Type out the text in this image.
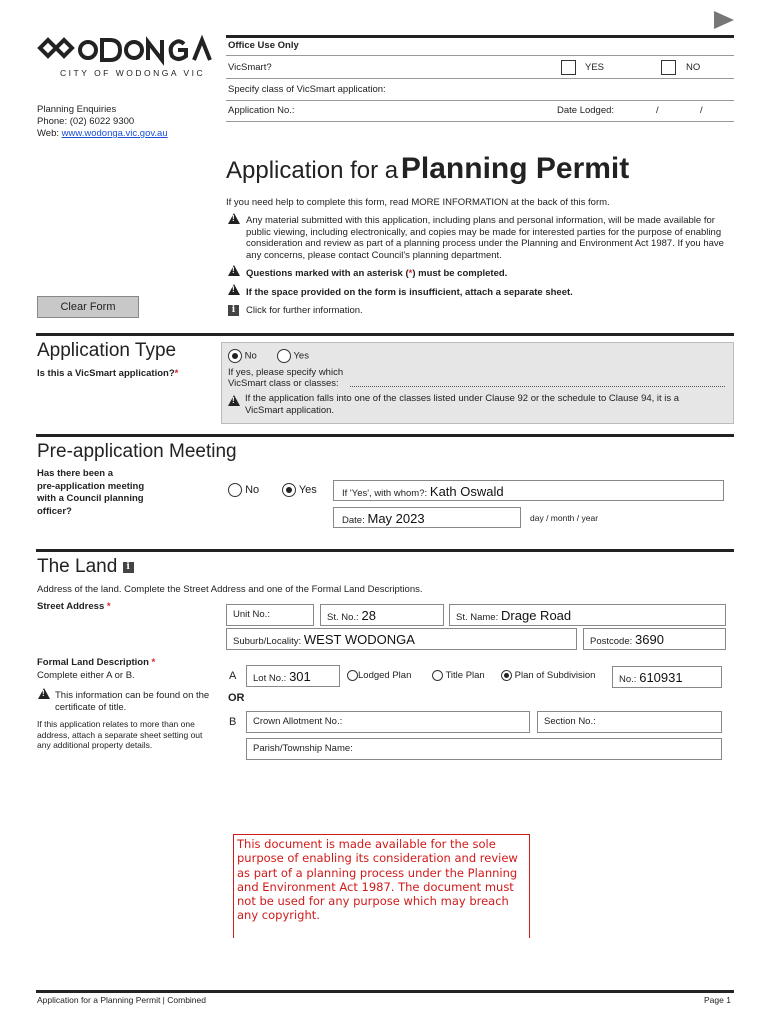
CITY OF WODONGA VIC
Planning Enquiries
Phone: (02) 6022 9300
Web: www.wodonga.vic.gov.au
Office Use Only
VicSmart?	YES	NO
Specify class of VicSmart application:
Application No.:	Date Lodged:	/	/
Application for a Planning Permit
If you need help to complete this form, read MORE INFORMATION at the back of this form.
!
Any material submitted with this application, including plans and personal information, will be made available for public viewing, including electronically, and copies may be made for interested parties for the purpose of enabling consideration and review as part of a planning process under the Planning and Environment Act 1987. If you have any concerns, please contact Council's planning department.
!
Questions marked with an asterisk (*) must be completed.
!
If the space provided on the form is insufficient, attach a separate sheet.
i	Click for further information.
Clear Form
Application Type
Is this a VicSmart application?*
No	Yes
If yes, please specify which
VicSmart class or classes:
!
If the application falls into one of the classes listed under Clause 92 or the schedule to Clause 94, it is a VicSmart application.
Pre-application Meeting
Has there been a
pre-application meeting
with a Council planning
officer?
No	Yes	If 'Yes', with whom?: Kath Oswald
Date: May 2023	day / month / year
The Land i
Address of the land. Complete the Street Address and one of the Formal Land Descriptions.
Street Address *
Unit No.:	St. No.: 28	St. Name: Drage Road
Suburb/Locality: WEST WODONGA	Postcode: 3690
Formal Land Description *
Complete either A or B.
!
This information can be found on the certificate of title.
If this application relates to more than one address, attach a separate sheet setting out any additional property details.
A	Lot No.: 301	Lodged Plan	Title Plan	Plan of Subdivision	No.: 610931
OR
B	Crown Allotment No.:	Section No.:
Parish/Township Name:
This document is made available for the sole purpose of enabling its consideration and review as part of a planning process under the Planning and Environment Act 1987. The document must not be used for any purpose which may breach any copyright.
Application for a Planning Permit | Combined	Page 1
